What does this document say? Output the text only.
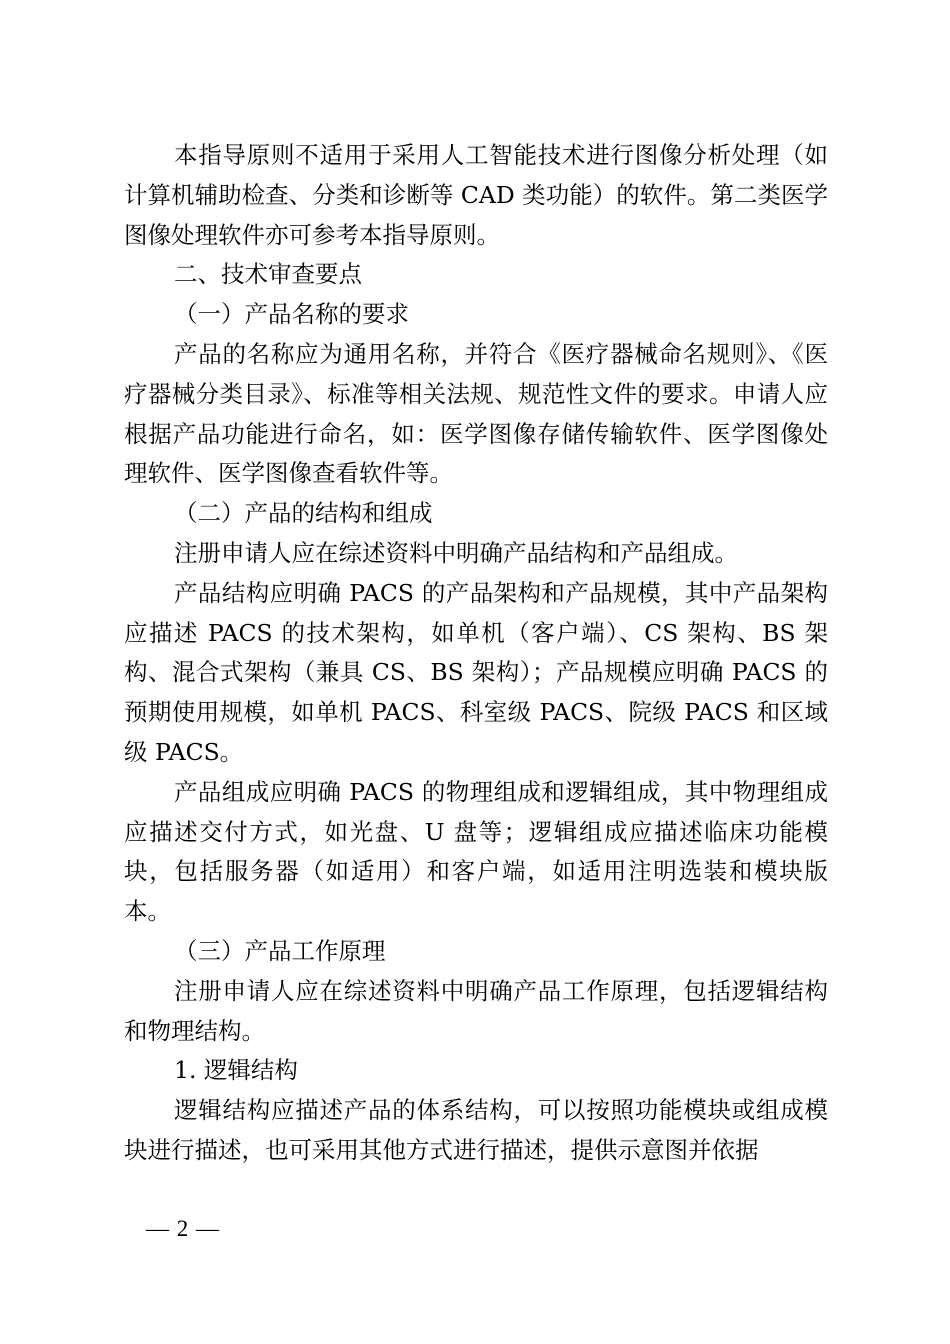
本指导原则不适用于采用人工智能技术进行图像分析处理（如计算机辅助检查、分类和诊断等 CAD 类功能）的软件。第二类医学图像处理软件亦可参考本指导原则。

二、技术审查要点

（一）产品名称的要求

产品的名称应为通用名称，并符合《医疗器械命名规则》、《医疗器械分类目录》、标准等相关法规、规范性文件的要求。申请人应根据产品功能进行命名，如：医学图像存储传输软件、医学图像处理软件、医学图像查看软件等。

（二）产品的结构和组成

注册申请人应在综述资料中明确产品结构和产品组成。

产品结构应明确 PACS 的产品架构和产品规模，其中产品架构应描述 PACS 的技术架构，如单机（客户端）、CS 架构、BS 架构、混合式架构（兼具 CS、BS 架构）；产品规模应明确 PACS 的预期使用规模，如单机 PACS、科室级 PACS、院级 PACS 和区域级 PACS。

产品组成应明确 PACS 的物理组成和逻辑组成，其中物理组成应描述交付方式，如光盘、U 盘等；逻辑组成应描述临床功能模块，包括服务器（如适用）和客户端，如适用注明选装和模块版本。

（三）产品工作原理

注册申请人应在综述资料中明确产品工作原理，包括逻辑结构和物理结构。

1. 逻辑结构

逻辑结构应描述产品的体系结构，可以按照功能模块或组成模块进行描述，也可采用其他方式进行描述，提供示意图并依据

— 2 —
